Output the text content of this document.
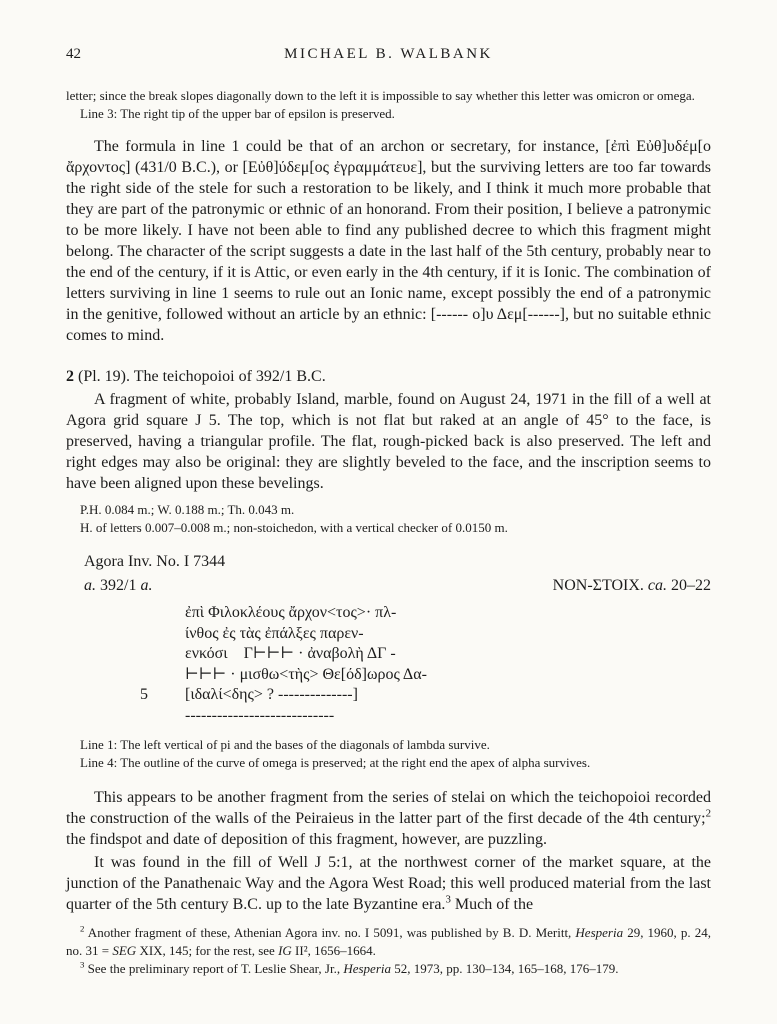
42	MICHAEL B. WALBANK

letter; since the break slopes diagonally down to the left it is impossible to say whether this letter was omicron or omega.

Line 3: The right tip of the upper bar of epsilon is preserved.

The formula in line 1 could be that of an archon or secretary, for instance, [ἐπὶ Εὐθ]υδέμ[ο ἄρχοντος] (431/0 B.C.), or [Εὐθ]ύδεμ[ος ἐγραμμάτευε], but the surviving letters are too far towards the right side of the stele for such a restoration to be likely, and I think it much more probable that they are part of the patronymic or ethnic of an honorand. From their position, I believe a patronymic to be more likely. I have not been able to find any published decree to which this fragment might belong. The character of the script suggests a date in the last half of the 5th century, probably near to the end of the century, if it is Attic, or even early in the 4th century, if it is Ionic. The combination of letters surviving in line 1 seems to rule out an Ionic name, except possibly the end of a patronymic in the genitive, followed without an article by an ethnic: [------ ο]υ Δεμ[------], but no suitable ethnic comes to mind.

2 (Pl. 19). The teichopoioi of 392/1 B.C.

A fragment of white, probably Island, marble, found on August 24, 1971 in the fill of a well at Agora grid square J 5. The top, which is not flat but raked at an angle of 45° to the face, is preserved, having a triangular profile. The flat, rough-picked back is also preserved. The left and right edges may also be original: they are slightly beveled to the face, and the inscription seems to have been aligned upon these bevelings.

P.H. 0.084 m.; W. 0.188 m.; Th. 0.043 m.

H. of letters 0.007–0.008 m.; non-stoichedon, with a vertical checker of 0.0150 m.

Agora Inv. No. I 7344

a. 392/1 a.	ΝΟΝ-ΣΤΟΙΧ. ca. 20–22
ἐπὶ Φιλοκλέους ἄρχον<τος>· πλ-
ίνθος ἐς τὰς ἐπάλξες παρεν-
ενκόσι  Γ⊢⊢⊢ · ἀναβολὴ ΔΓ -
⊢⊢⊢ · μισθω<τὴς> Θε[όδ]ωρος Δα-
5 [ιδαλί<δης> ? --------------]
----------------------------

Line 1: The left vertical of pi and the bases of the diagonals of lambda survive.

Line 4: The outline of the curve of omega is preserved; at the right end the apex of alpha survives.

This appears to be another fragment from the series of stelai on which the teichopoioi recorded the construction of the walls of the Peiraieus in the latter part of the first decade of the 4th century;$^2$ the findspot and date of deposition of this fragment, however, are puzzling.

It was found in the fill of Well J 5:1, at the northwest corner of the market square, at the junction of the Panathenaic Way and the Agora West Road; this well produced material from the last quarter of the 5th century B.C. up to the late Byzantine era.$^3$ Much of the

$^2$ Another fragment of these, Athenian Agora inv. no. I 5091, was published by B. D. Meritt, Hesperia 29, 1960, p. 24, no. 31 = SEG XIX, 145; for the rest, see IG II², 1656–1664.

$^3$ See the preliminary report of T. Leslie Shear, Jr., Hesperia 52, 1973, pp. 130–134, 165–168, 176–179.
